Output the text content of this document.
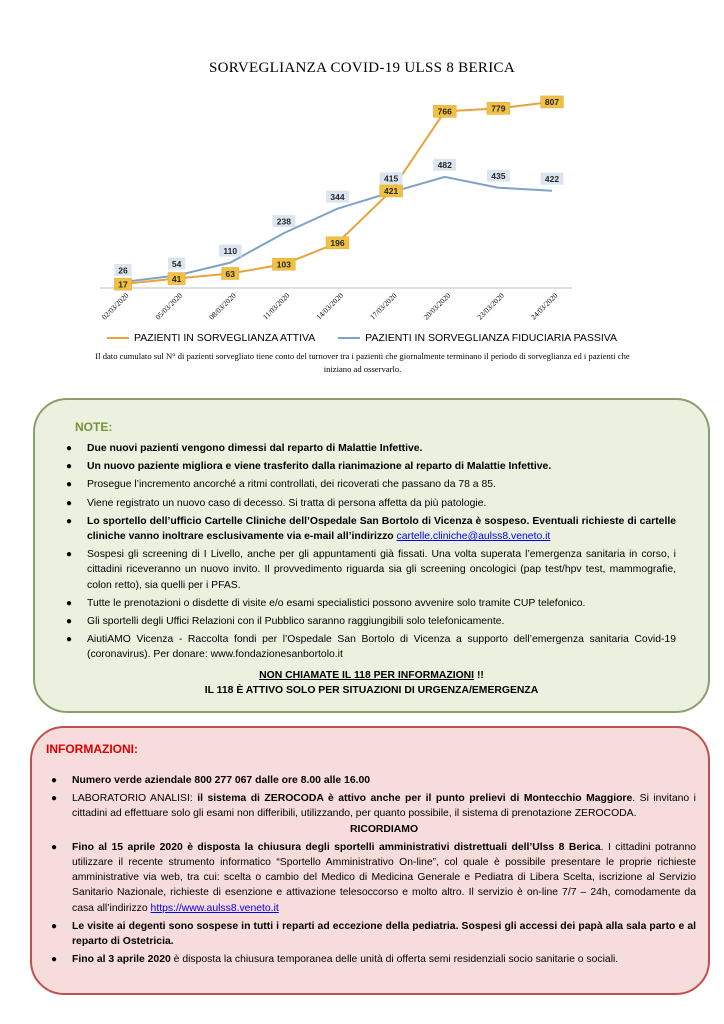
SORVEGLIANZA COVID-19 ULSS 8 BERICA
02/03/2020	05/03/2020	08/03/2020	11/03/2020	14/03/2020	17/03/2020	20/03/2020	23/03/2020	24/03/2020
17
41
63
103
196
421
766	779
807
26
54
110
238
344
415
482
435	422
PAZIENTI IN SORVEGLIANZA ATTIVA
	PAZIENTI IN SORVEGLIANZA FIDUCIARIA PASSIVA
Il dato cumulato sul N° di pazienti sorvegliato tiene conto del turnover tra i pazienti che giornalmente terminano il periodo di sorveglianza ed i pazienti che iniziano ad osservarlo.
NOTE:
● Due nuovi pazienti vengono dimessi dal reparto di Malattie Infettive.
● Un nuovo paziente migliora e viene trasferito dalla rianimazione al reparto di Malattie Infettive.
● Prosegue l’incremento ancorché a ritmi controllati, dei ricoverati che passano da 78 a 85.
● Viene registrato un nuovo caso di decesso. Si tratta di persona affetta da più patologie.
● Lo sportello dell’ufficio Cartelle Cliniche dell’Ospedale San Bortolo di Vicenza è sospeso. Eventuali richieste di cartelle cliniche vanno inoltrare esclusivamente via e-mail all’indirizzo cartelle.cliniche@aulss8.veneto.it
● Sospesi gli screening di I Livello, anche per gli appuntamenti già fissati. Una volta superata l’emergenza sanitaria in corso, i cittadini riceveranno un nuovo invito. Il provvedimento riguarda sia gli screening oncologici (pap test/hpv test, mammografie, colon retto), sia quelli per i PFAS.
● Tutte le prenotazioni o disdette di visite e/o esami specialistici possono avvenire solo tramite CUP telefonico.
● Gli sportelli degli Uffici Relazioni con il Pubblico saranno raggiungibili solo telefonicamente.
● AiutiAMO Vicenza - Raccolta fondi per l’Ospedale San Bortolo di Vicenza a supporto dell’emergenza sanitaria Covid-19 (coronavirus). Per donare: www.fondazionesanbortolo.it
NON CHIAMATE IL 118 PER INFORMAZIONI !!
IL 118 È ATTIVO SOLO PER SITUAZIONI DI URGENZA/EMERGENZA
INFORMAZIONI:
● Numero verde aziendale 800 277 067 dalle ore 8.00 alle 16.00
● LABORATORIO ANALISI: il sistema di ZEROCODA è attivo anche per il punto prelievi di Montecchio Maggiore. Si invitano i cittadini ad effettuare solo gli esami non differibili, utilizzando, per quanto possibile, il sistema di prenotazione ZEROCODA.
RICORDIAMO
● Fino al 15 aprile 2020 è disposta la chiusura degli sportelli amministrativi distrettuali dell’Ulss 8 Berica. I cittadini potranno utilizzare il recente strumento informatico “Sportello Amministrativo On-line”, col quale è possibile presentare le proprie richieste amministrative via web, tra cui: scelta o cambio del Medico di Medicina Generale e Pediatra di Libera Scelta, iscrizione al Servizio Sanitario Nazionale, richieste di esenzione e attivazione telesoccorso e molto altro. Il servizio è on-line 7/7 – 24h, comodamente da casa all’indirizzo https://www.aulss8.veneto.it
● Le visite ai degenti sono sospese in tutti i reparti ad eccezione della pediatria. Sospesi gli accessi dei papà alla sala parto e al reparto di Ostetricia.
● Fino al 3 aprile 2020 è disposta la chiusura temporanea delle unità di offerta semi residenziali socio sanitarie o sociali.
